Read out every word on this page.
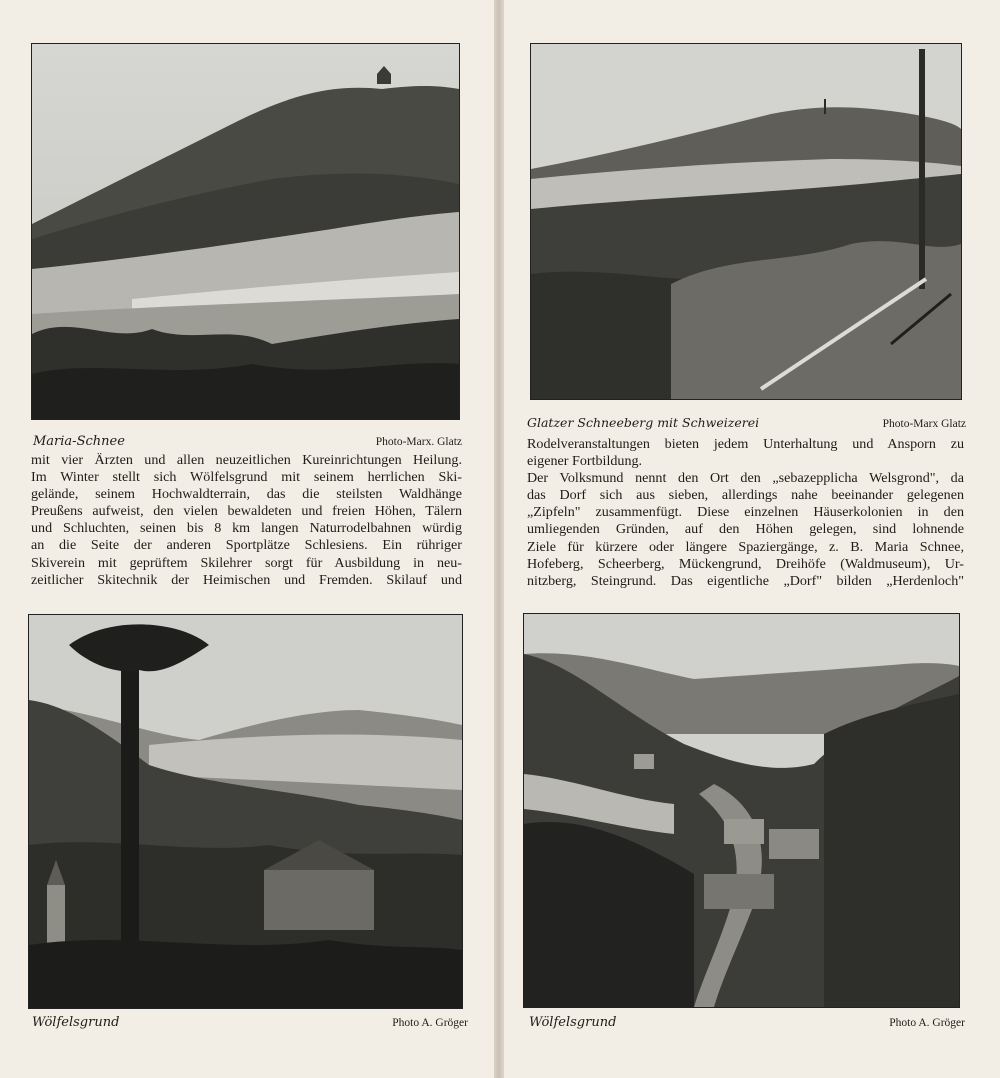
Maria-Schnee	Photo-Marx. Glatz
mit vier Ärzten und allen neuzeitlichen Kureinrichtungen Heilung.
Im Winter stellt sich Wölfelsgrund mit seinem herrlichen Ski-
gelände, seinem Hochwaldterrain, das die steilsten Waldhänge
Preußens aufweist, den vielen bewaldeten und freien Höhen, Tälern
und Schluchten, seinen bis 8 km langen Naturrodelbahnen würdig
an die Seite der anderen Sportplätze Schlesiens. Ein rühriger
Skiverein mit geprüftem Skilehrer sorgt für Ausbildung in neu-
zeitlicher Skitechnik der Heimischen und Fremden. Skilauf und
Wölfelsgrund	Photo A. Gröger
Glatzer Schneeberg mit Schweizerei	Photo-Marx Glatz
Rodelveranstaltungen bieten jedem Unterhaltung und Ansporn zu
eigener Fortbildung.
Der Volksmund nennt den Ort den „sebazepplicha Welsgrond", da
das Dorf sich aus sieben, allerdings nahe beeinander gelegenen
„Zipfeln" zusammenfügt. Diese einzelnen Häuserkolonien in den
umliegenden Gründen, auf den Höhen gelegen, sind lohnende
Ziele für kürzere oder längere Spaziergänge, z. B. Maria Schnee,
Hofeberg, Scheerberg, Mückengrund, Dreihöfe (Waldmuseum), Ur-
nitzberg, Steingrund. Das eigentliche „Dorf" bilden „Herdenloch"
Wölfelsgrund	Photo A. Gröger
